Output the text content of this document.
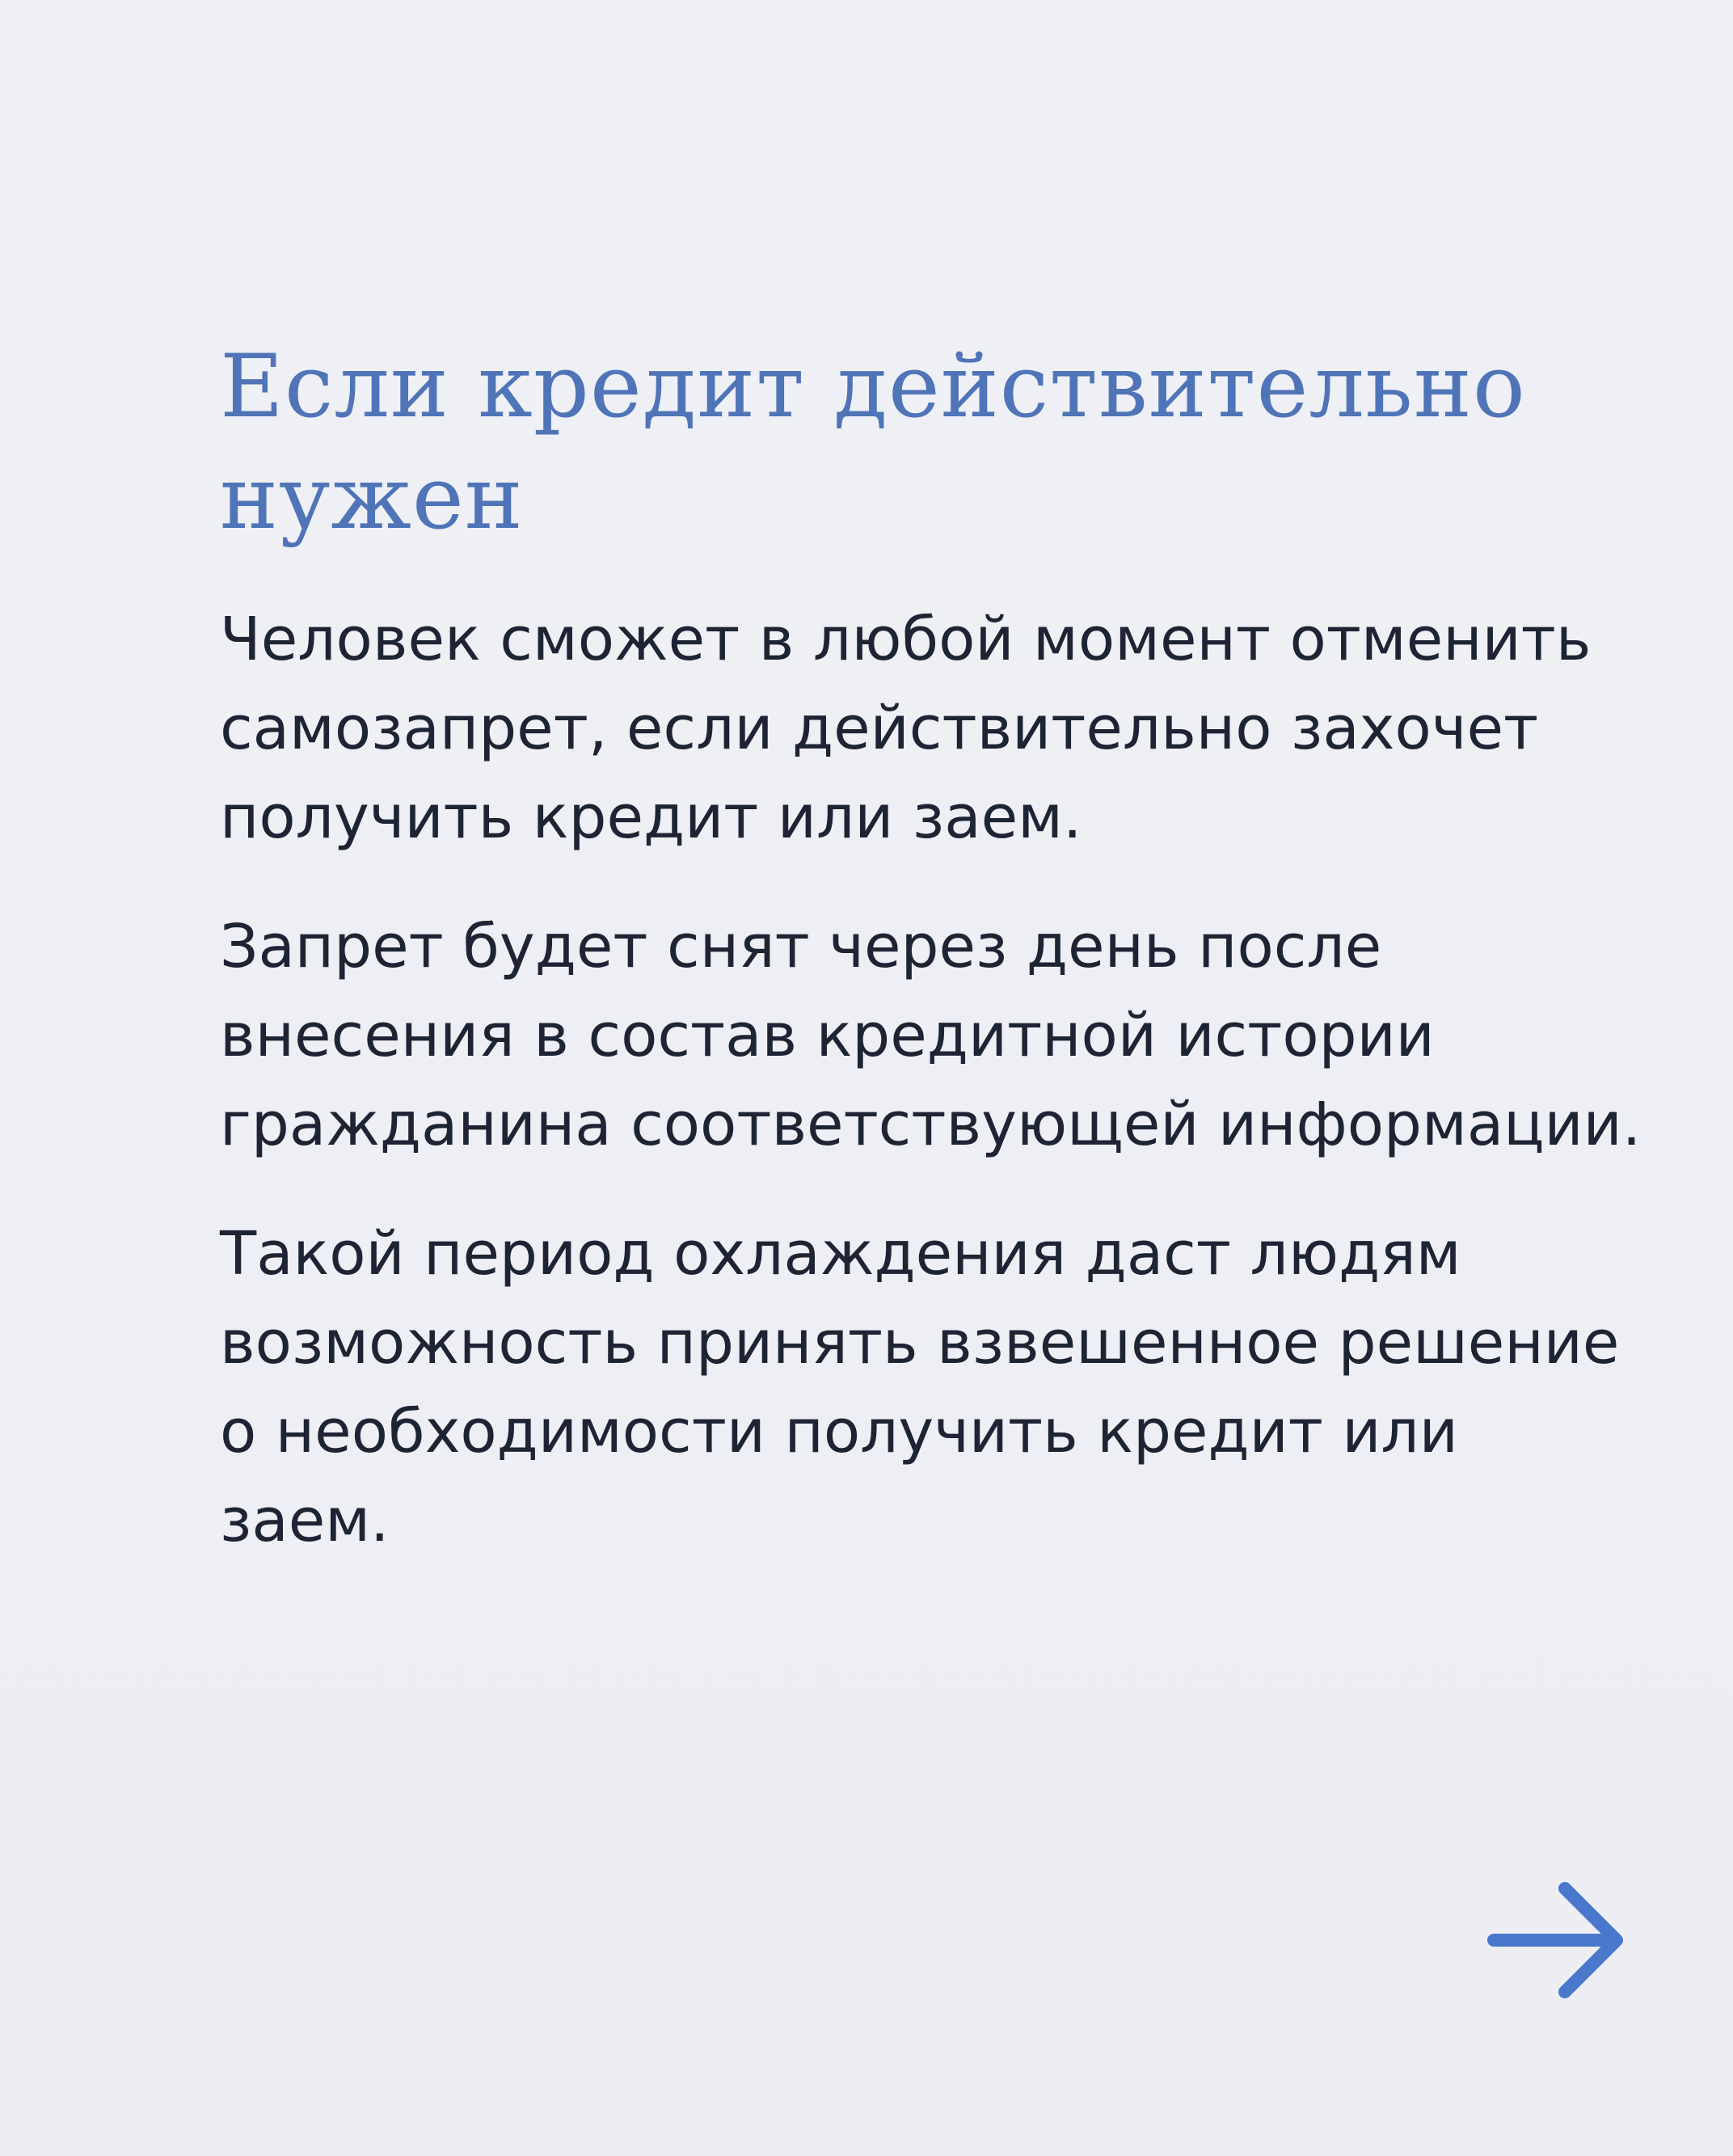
Если кредит действительно нужен

Человек сможет в любой момент отменить самозапрет, если действительно захочет получить кредит или заем.

Запрет будет снят через день после внесения в состав кредитной истории гражданина соответствующей информации.

Такой период охлаждения даст людям возможность принять взвешенное решение о необходимости получить кредит или заем.
